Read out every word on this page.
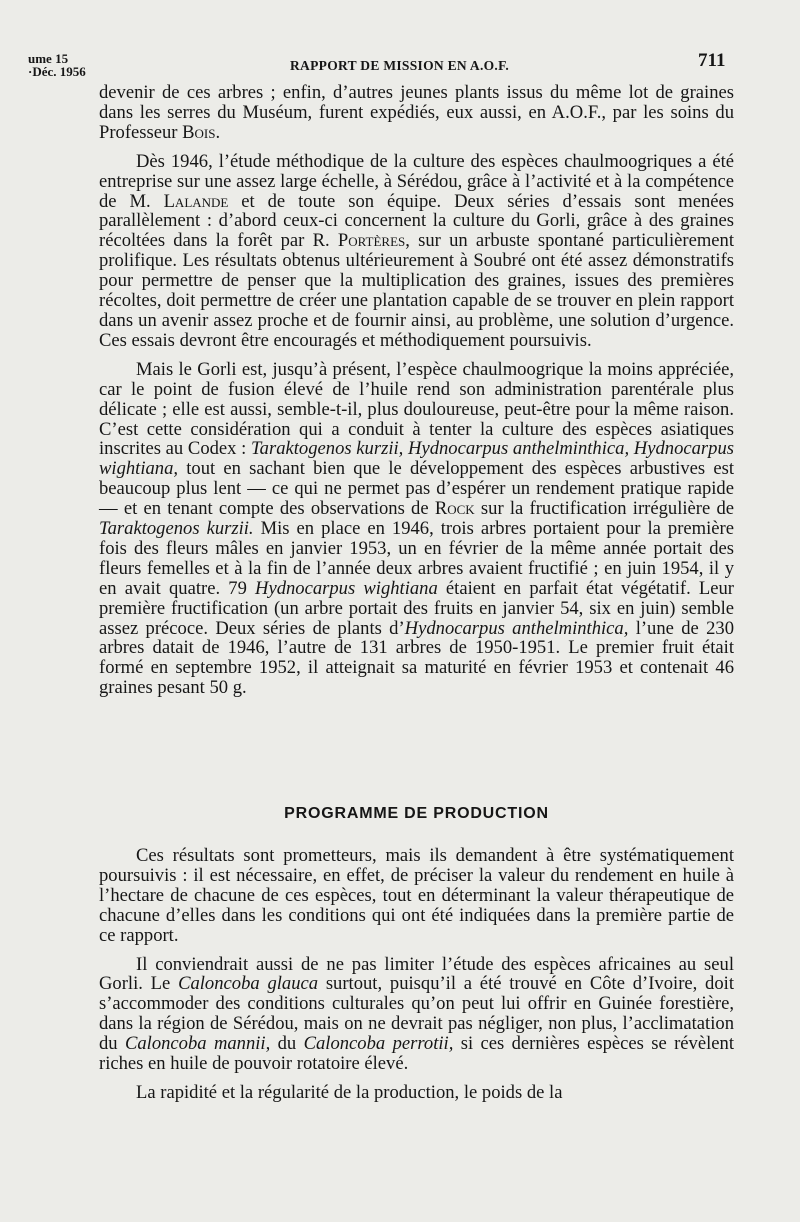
ume 15
·Déc. 1956	RAPPORT DE MISSION EN A.O.F.	711

devenir de ces arbres ; enfin, d’autres jeunes plants issus du même lot de graines dans les serres du Muséum, furent expédiés, eux aussi, en A.O.F., par les soins du Professeur Bois.

Dès 1946, l’étude méthodique de la culture des espèces chaulmoogriques a été entreprise sur une assez large échelle, à Sérédou, grâce à l’activité et à la compétence de M. Lalande et de toute son équipe. Deux séries d’essais sont menées parallèlement : d’abord ceux-ci concernent la culture du Gorli, grâce à des graines récoltées dans la forêt par R. Portères, sur un arbuste spontané particulièrement prolifique. Les résultats obtenus ultérieurement à Soubré ont été assez démonstratifs pour permettre de penser que la multiplication des graines, issues des premières récoltes, doit permettre de créer une plantation capable de se trouver en plein rapport dans un avenir assez proche et de fournir ainsi, au problème, une solution d’urgence. Ces essais devront être encouragés et méthodiquement poursuivis.

Mais le Gorli est, jusqu’à présent, l’espèce chaulmoogrique la moins appréciée, car le point de fusion élevé de l’huile rend son administration parentérale plus délicate ; elle est aussi, semble-t-il, plus douloureuse, peut-être pour la même raison. C’est cette considération qui a conduit à tenter la culture des espèces asiatiques inscrites au Codex : Taraktogenos kurzii, Hydnocarpus anthelminthica, Hydnocarpus wightiana, tout en sachant bien que le développement des espèces arbustives est beaucoup plus lent — ce qui ne permet pas d’espérer un rendement pratique rapide — et en tenant compte des observations de Rock sur la fructification irrégulière de Taraktogenos kurzii. Mis en place en 1946, trois arbres portaient pour la première fois des fleurs mâles en janvier 1953, un en février de la même année portait des fleurs femelles et à la fin de l’année deux arbres avaient fructifié ; en juin 1954, il y en avait quatre. 79 Hydnocarpus wightiana étaient en parfait état végétatif. Leur première fructification (un arbre portait des fruits en janvier 54, six en juin) semble assez précoce. Deux séries de plants d’Hydnocarpus anthelminthica, l’une de 230 arbres datait de 1946, l’autre de 131 arbres de 1950-1951. Le premier fruit était formé en septembre 1952, il atteignait sa maturité en février 1953 et contenait 46 graines pesant 50 g.

PROGRAMME DE PRODUCTION

Ces résultats sont prometteurs, mais ils demandent à être systématiquement poursuivis : il est nécessaire, en effet, de préciser la valeur du rendement en huile à l’hectare de chacune de ces espèces, tout en déterminant la valeur thérapeutique de chacune d’elles dans les conditions qui ont été indiquées dans la première partie de ce rapport.

Il conviendrait aussi de ne pas limiter l’étude des espèces africaines au seul Gorli. Le Caloncoba glauca surtout, puisqu’il a été trouvé en Côte d’Ivoire, doit s’accommoder des conditions culturales qu’on peut lui offrir en Guinée forestière, dans la région de Sérédou, mais on ne devrait pas négliger, non plus, l’acclimatation du Caloncoba mannii, du Caloncoba perrotii, si ces dernières espèces se révèlent riches en huile de pouvoir rotatoire élevé.

La rapidité et la régularité de la production, le poids de la
